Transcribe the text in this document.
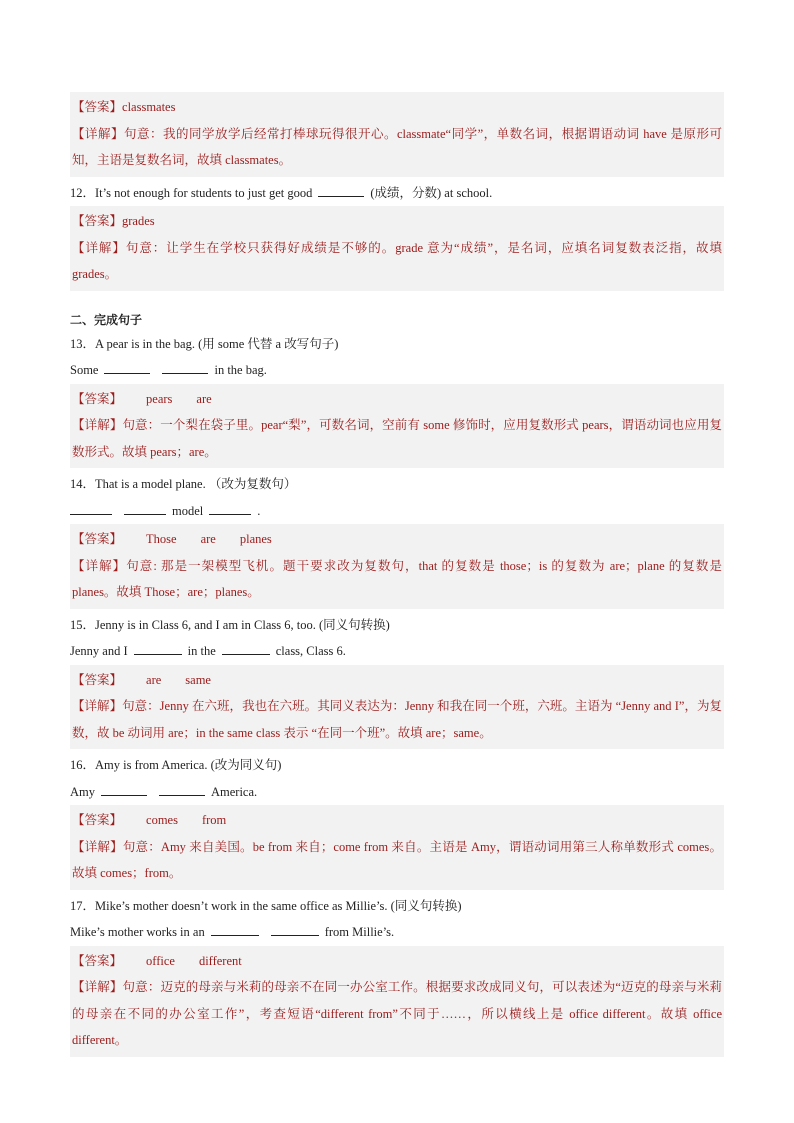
【答案】classmates
【详解】句意：我的同学放学后经常打棒球玩得很开心。classmate“同学”，单数名词，根据谓语动词 have 是原形可知，主语是复数名词，故填 classmates。
12．It’s not enough for students to just get good	(成绩，分数) at school.
【答案】grades
【详解】句意：让学生在学校只获得好成绩是不够的。grade 意为“成绩”，是名词，应填名词复数表泛指，故填 grades。
二、完成句子
13．A pear is in the bag. (用 some 代替 a 改写句子)
Some	in the bag.
【答案】 pears are
【详解】句意：一个梨在袋子里。pear“梨”，可数名词，空前有 some 修饰时，应用复数形式 pears，谓语动词也应用复数形式。故填 pears；are。
14．That is a model plane. （改为复数句）
model	.
【答案】 Those are planes
【详解】句意: 那是一架模型飞机。题干要求改为复数句，that 的复数是 those；is 的复数为 are；plane 的复数是 planes。故填 Those；are；planes。
15．Jenny is in Class 6, and I am in Class 6, too. (同义句转换)
Jenny and I	in the	class, Class 6.
【答案】 are same
【详解】句意：Jenny 在六班，我也在六班。其同义表达为：Jenny 和我在同一个班，六班。主语为 “Jenny and I”，为复数，故 be 动词用 are；in the same class 表示 “在同一个班”。故填 are；same。
16．Amy is from America. (改为同义句)
Amy	America.
【答案】 comes from
【详解】句意：Amy 来自美国。be from 来自；come from 来自。主语是 Amy，谓语动词用第三人称单数形式 comes。故填 comes；from。
17．Mike’s mother doesn’t work in the same office as Millie’s. (同义句转换)
Mike’s mother works in an	from Millie’s.
【答案】 office different
【详解】句意：迈克的母亲与米莉的母亲不在同一办公室工作。根据要求改成同义句，可以表述为“迈克的母亲与米莉的母亲在不同的办公室工作”，考查短语“different from”不同于……，所以横线上是 office different。故填 office different。
